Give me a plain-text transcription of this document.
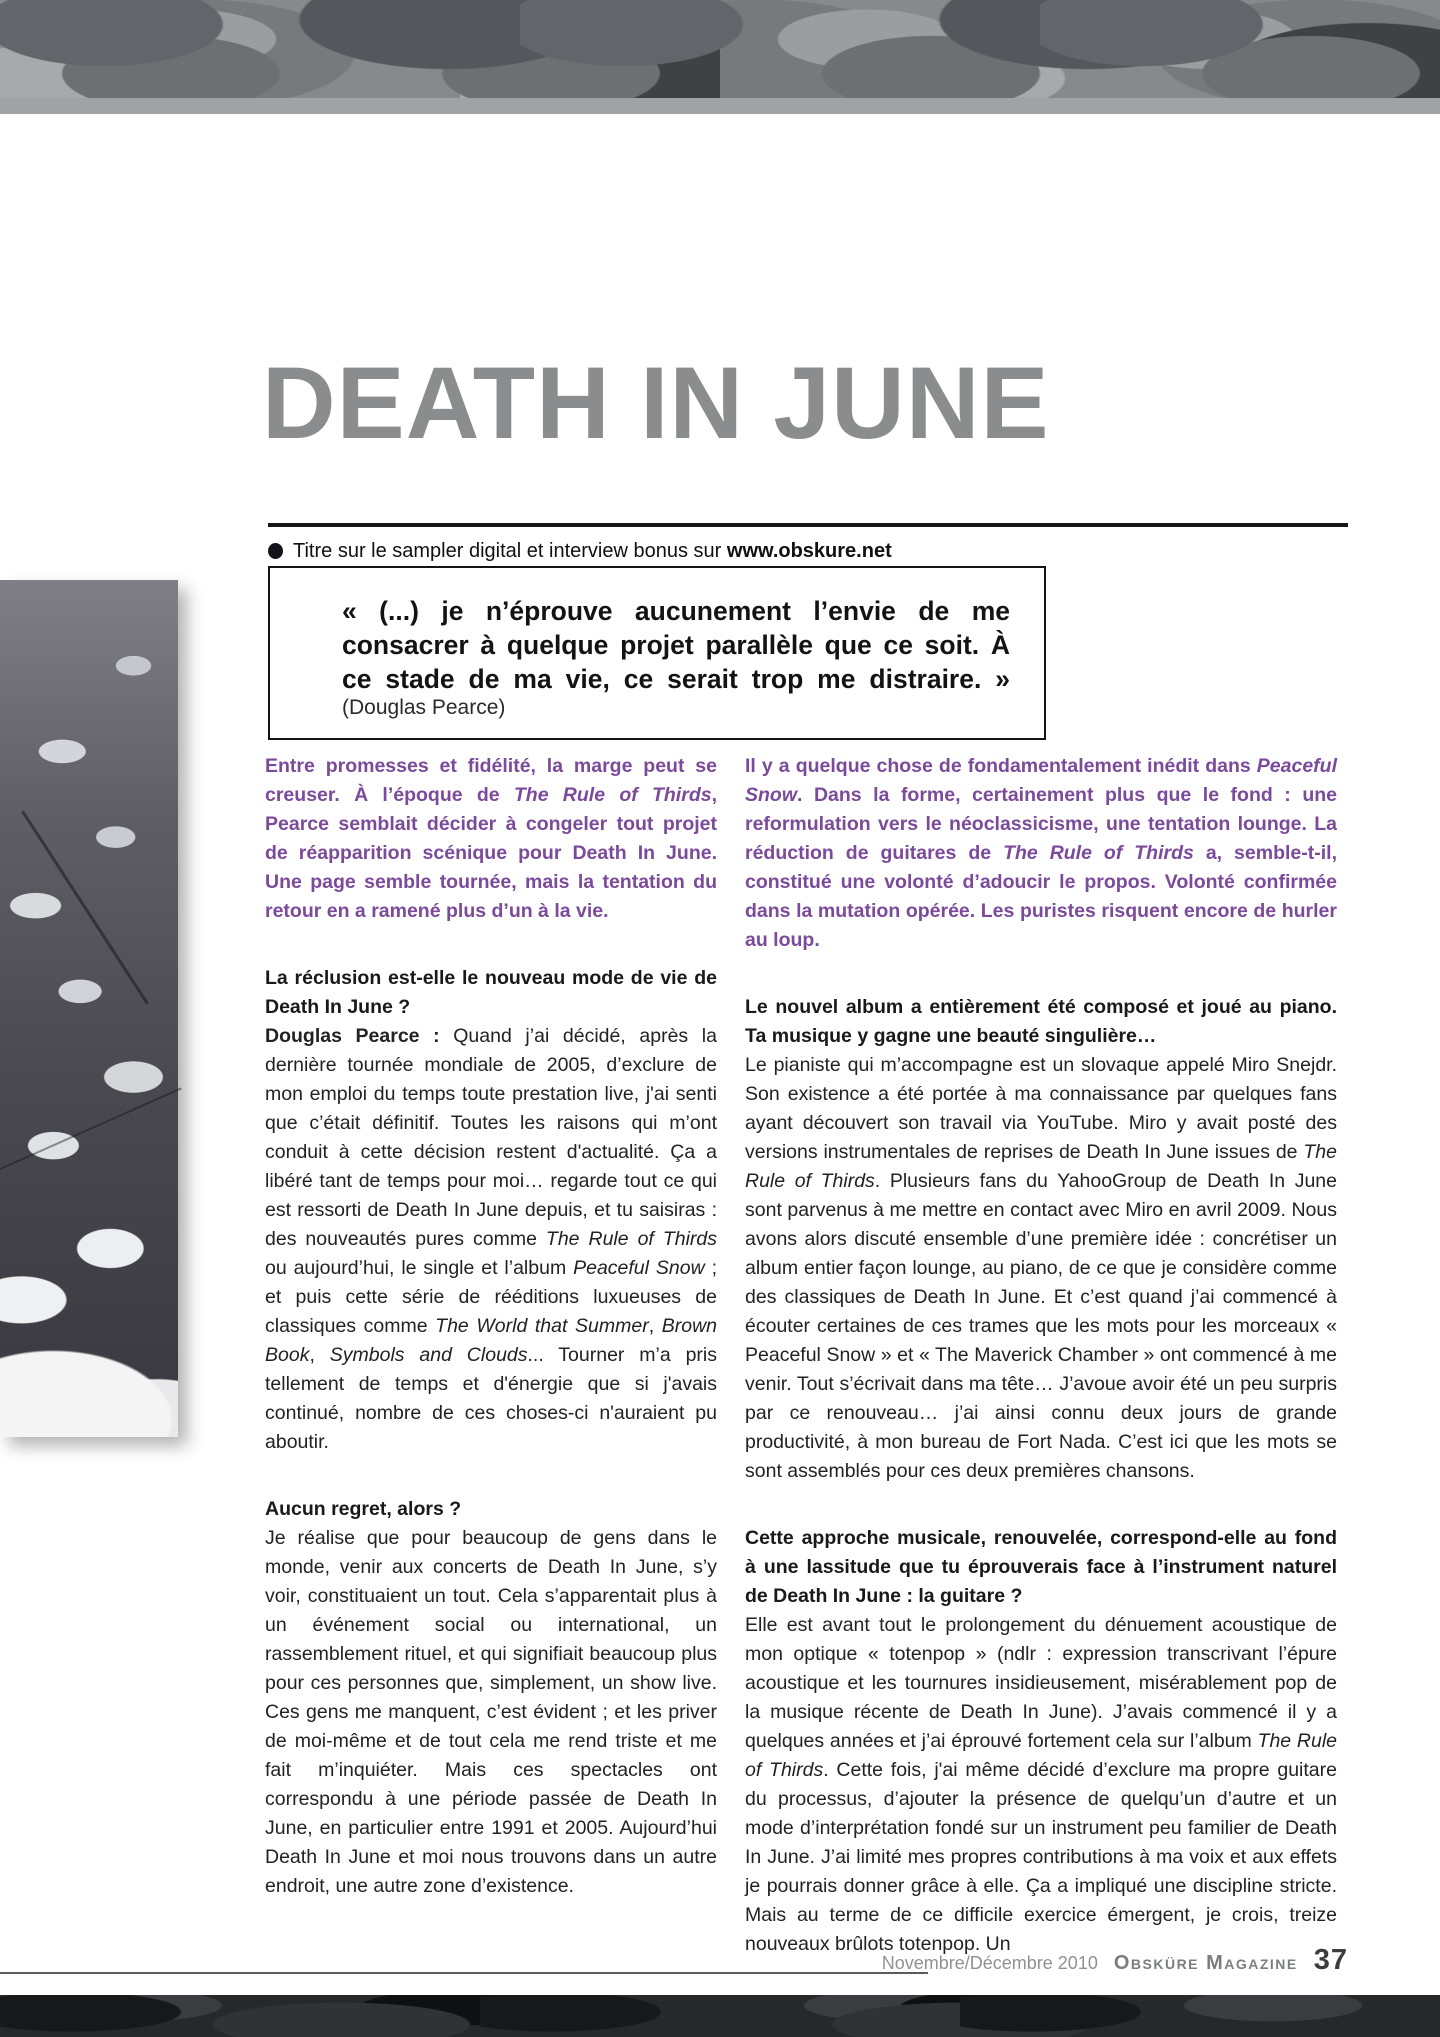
DEATH IN JUNE
Titre sur le sampler digital et interview bonus sur www.obskure.net
« (...) je n’éprouve aucunement l’envie de me consacrer à quelque projet parallèle que ce soit. À ce stade de ma vie, ce serait trop me distraire. » (Douglas Pearce)

Entre promesses et fidélité, la marge peut se creuser. À l’époque de The Rule of Thirds, Pearce semblait décider à congeler tout projet de réapparition scénique pour Death In June. Une page semble tournée, mais la tentation du retour en a ramené plus d’un à la vie.

La réclusion est-elle le nouveau mode de vie de Death In June ?

Douglas Pearce : Quand j’ai décidé, après la dernière tournée mondiale de 2005, d’exclure de mon emploi du temps toute prestation live, j'ai senti que c’était définitif. Toutes les raisons qui m’ont conduit à cette décision restent d'actualité. Ça a libéré tant de temps pour moi… regarde tout ce qui est ressorti de Death In June depuis, et tu saisiras : des nouveautés pures comme The Rule of Thirds ou aujourd’hui, le single et l’album Peaceful Snow ; et puis cette série de rééditions luxueuses de classiques comme The World that Summer, Brown Book, Symbols and Clouds... Tourner m’a pris tellement de temps et d'énergie que si j'avais continué, nombre de ces choses-ci n'auraient pu aboutir.

Aucun regret, alors ?

Je réalise que pour beaucoup de gens dans le monde, venir aux concerts de Death In June, s’y voir, constituaient un tout. Cela s’apparentait plus à un événement social ou international, un rassemblement rituel, et qui signifiait beaucoup plus pour ces personnes que, simplement, un show live. Ces gens me manquent, c’est évident ; et les priver de moi-même et de tout cela me rend triste et me fait m’inquiéter. Mais ces spectacles ont correspondu à une période passée de Death In June, en particulier entre 1991 et 2005. Aujourd’hui Death In June et moi nous trouvons dans un autre endroit, une autre zone d’existence.

Il y a quelque chose de fondamentalement inédit dans Peaceful Snow. Dans la forme, certainement plus que le fond : une reformulation vers le néoclassicisme, une tentation lounge. La réduction de guitares de The Rule of Thirds a, semble-t-il, constitué une volonté d’adoucir le propos. Volonté confirmée dans la mutation opérée. Les puristes risquent encore de hurler au loup.

Le nouvel album a entièrement été composé et joué au piano. Ta musique y gagne une beauté singulière…

Le pianiste qui m’accompagne est un slovaque appelé Miro Snejdr. Son existence a été portée à ma connaissance par quelques fans ayant découvert son travail via YouTube. Miro y avait posté des versions instrumentales de reprises de Death In June issues de The Rule of Thirds. Plusieurs fans du YahooGroup de Death In June sont parvenus à me mettre en contact avec Miro en avril 2009. Nous avons alors discuté ensemble d’une première idée : concrétiser un album entier façon lounge, au piano, de ce que je considère comme des classiques de Death In June. Et c’est quand j’ai commencé à écouter certaines de ces trames que les mots pour les morceaux « Peaceful Snow » et « The Maverick Chamber » ont commencé à me venir. Tout s’écrivait dans ma tête… J’avoue avoir été un peu surpris par ce renouveau… j’ai ainsi connu deux jours de grande productivité, à mon bureau de Fort Nada. C’est ici que les mots se sont assemblés pour ces deux premières chansons.

Cette approche musicale, renouvelée, correspond-elle au fond à une lassitude que tu éprouverais face à l’instrument naturel de Death In June : la guitare ?

Elle est avant tout le prolongement du dénuement acoustique de mon optique « totenpop » (ndlr : expression transcrivant l’épure acoustique et les tournures insidieusement, misérablement pop de la musique récente de Death In June). J’avais commencé il y a quelques années et j’ai éprouvé fortement cela sur l’album The Rule of Thirds. Cette fois, j'ai même décidé d’exclure ma propre guitare du processus, d’ajouter la présence de quelqu’un d’autre et un mode d’interprétation fondé sur un instrument peu familier de Death In June. J’ai limité mes propres contributions à ma voix et aux effets je pourrais donner grâce à elle. Ça a impliqué une discipline stricte. Mais au terme de ce difficile exercice émergent, je crois, treize nouveaux brûlots totenpop. Un

Novembre/Décembre 2010 Obsküre Magazine 37
